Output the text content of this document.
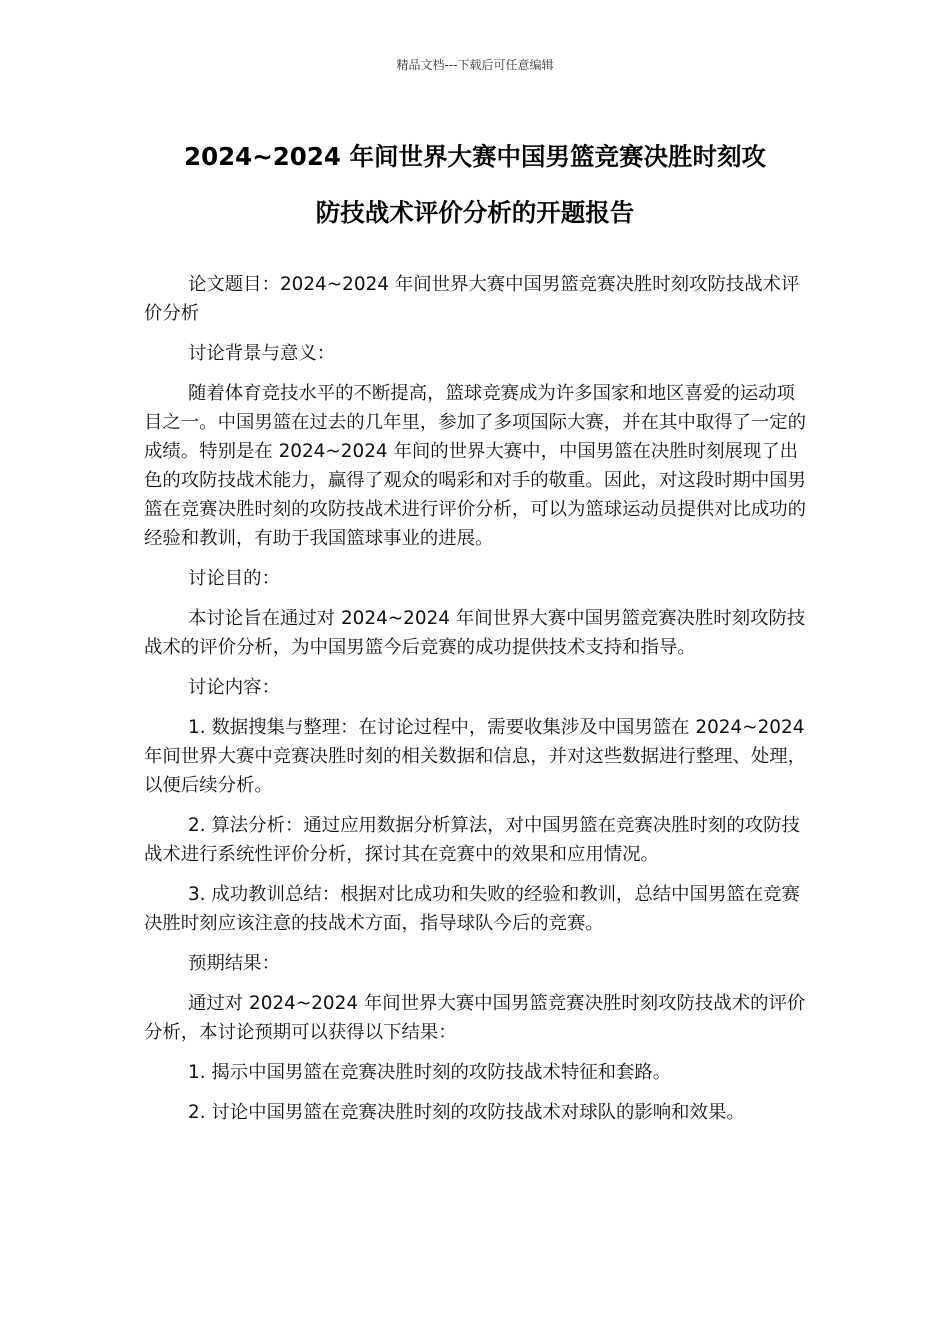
精品文档---下载后可任意编辑
2024~2024 年间世界大赛中国男篮竞赛决胜时刻攻
防技战术评价分析的开题报告

论文题目：2024~2024 年间世界大赛中国男篮竞赛决胜时刻攻防技战术评价分析

讨论背景与意义：

随着体育竞技水平的不断提高，篮球竞赛成为许多国家和地区喜爱的运动项目之一。中国男篮在过去的几年里，参加了多项国际大赛，并在其中取得了一定的成绩。特别是在 2024~2024 年间的世界大赛中，中国男篮在决胜时刻展现了出色的攻防技战术能力，赢得了观众的喝彩和对手的敬重。因此，对这段时期中国男篮在竞赛决胜时刻的攻防技战术进行评价分析，可以为篮球运动员提供对比成功的经验和教训，有助于我国篮球事业的进展。

讨论目的：

本讨论旨在通过对 2024~2024 年间世界大赛中国男篮竞赛决胜时刻攻防技战术的评价分析，为中国男篮今后竞赛的成功提供技术支持和指导。

讨论内容：

1. 数据搜集与整理：在讨论过程中，需要收集涉及中国男篮在 2024~2024 年间世界大赛中竞赛决胜时刻的相关数据和信息，并对这些数据进行整理、处理，以便后续分析。

2. 算法分析：通过应用数据分析算法，对中国男篮在竞赛决胜时刻的攻防技战术进行系统性评价分析，探讨其在竞赛中的效果和应用情况。

3. 成功教训总结：根据对比成功和失败的经验和教训，总结中国男篮在竞赛决胜时刻应该注意的技战术方面，指导球队今后的竞赛。

预期结果：

通过对 2024~2024 年间世界大赛中国男篮竞赛决胜时刻攻防技战术的评价分析，本讨论预期可以获得以下结果：

1. 揭示中国男篮在竞赛决胜时刻的攻防技战术特征和套路。

2. 讨论中国男篮在竞赛决胜时刻的攻防技战术对球队的影响和效果。
